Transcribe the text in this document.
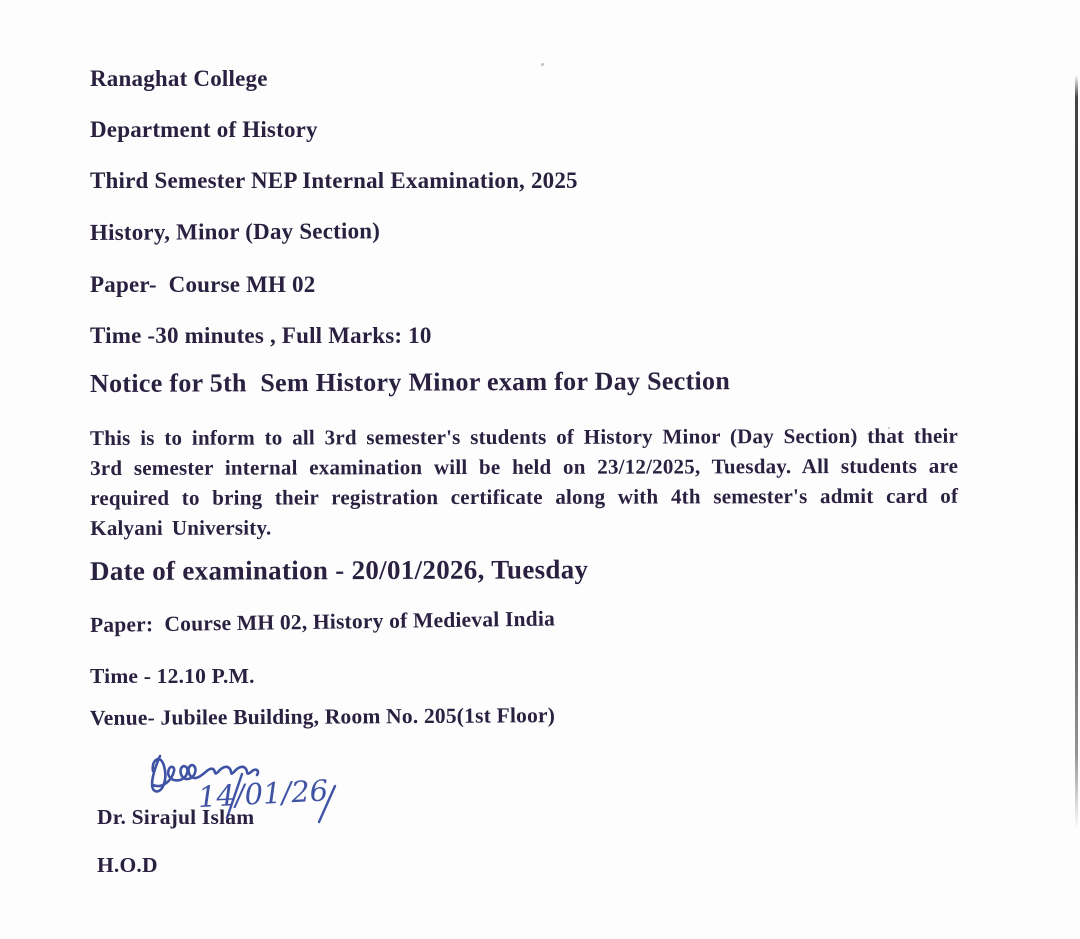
Ranaghat College
Department of History
Third Semester NEP Internal Examination, 2025
History, Minor (Day Section)
Paper-  Course MH 02
Time -30 minutes , Full Marks: 10
Notice for 5th  Sem History Minor exam for Day Section
This is to inform to all 3rd semester's students of History Minor (Day Section) that their 3rd semester internal examination will be held on 23/12/2025, Tuesday. All students are required to bring their registration certificate along with 4th semester's admit card of Kalyani University.
Date of examination - 20/01/2026, Tuesday
Paper:  Course MH 02, History of Medieval India
Time - 12.10 P.M.
Venue- Jubilee Building, Room No. 205(1st Floor)
14/01/26
Dr. Sirajul Islam
H.O.D
